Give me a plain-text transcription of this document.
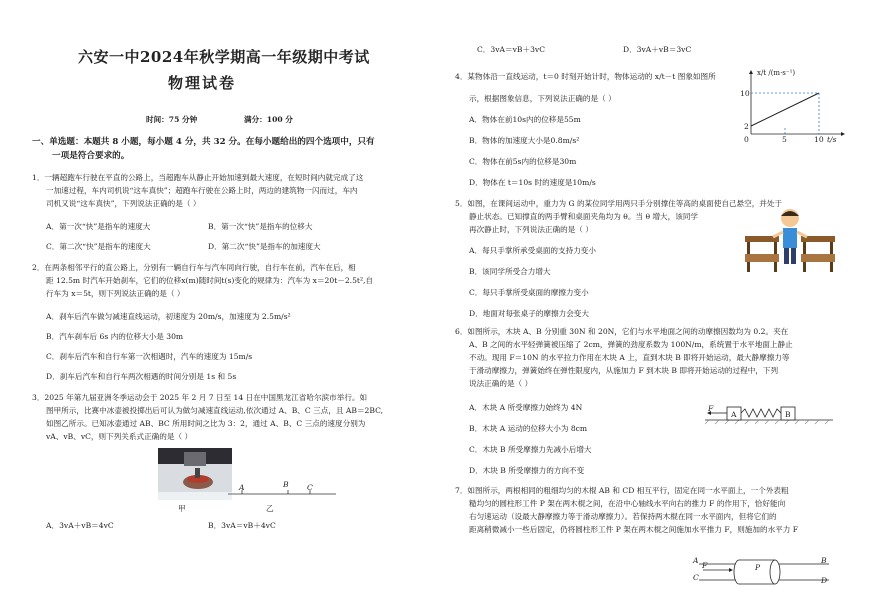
六安一中2024年秋学期高一年级期中考试
物理试卷
时间：75 分钟	满分：100 分
一、单选题：本题共 8 小题，每小题 4 分，共 32 分。在每小题给出的四个选项中，只有
一项是符合要求的。
1．一辆超跑车行驶在平直的公路上，当超跑车从静止开始加速到最大速度，在短时间内就完成了这
一加速过程，车内司机说“这车真快”；超跑车行驶在公路上时，两边的建筑物一闪而过，车内
司机又说“这车真快”，下列说法正确的是（ ）
A．第一次“快”是指车的速度大	B．第一次“快”是指车的位移大
C．第二次“快”是指车的速度大	D．第二次“快”是指车的加速度大
2．在两条相邻平行的直公路上，分别有一辆自行车与汽车同向行驶，自行车在前，汽车在后，相
距 12.5m 时汽车开始刹车，它们的位移x(m)随时间t(s)变化的规律为：汽车为 x＝20t－2.5t²,自
行车为 x＝5t，则下列说法正确的是（ ）
A．刹车后汽车做匀减速直线运动，初速度为 20m/s，加速度为 2.5m/s²
B．汽车刹车后 6s 内的位移大小是 30m
C．刹车后汽车和自行车第一次相遇时，汽车的速度为 15m/s
D．刹车后汽车和自行车两次相遇的时间分别是 1s 和 5s
3．2025 年第九届亚洲冬季运动会于 2025 年 2 月 7 日至 14 日在中国黑龙江省哈尔滨市举行。如
图甲所示，比赛中冰壶被投掷出后可认为做匀减速直线运动,依次通过 A、B、C 三点，且 AB＝2BC,
如图乙所示。已知冰壶通过 AB、BC 所用时间之比为 3：2，通过 A、B、C 三点的速度分别为
vA、vB、vC，则下列关系式正确的是（ ）
甲
A	B C
乙
A．3vA＋vB＝4vC	B．3vA＝vB＋4vC
C．3vA＝vB＋3vC	D．3vA＋vB＝3vC
4．某物体沿一直线运动，t＝0 时刻开始计时，物体运动的 x/t－t 图象如图所
示，根据图象信息，下列说法正确的是（ ）
A．物体在前10s内的位移是55m
B．物体的加速度大小是0.8m/s²
C．物体在前5s内的位移是30m
D．物体在 t＝10s 时的速度是10m/s
x/t /(m·s⁻¹)
10
2
0	5	10 t/s
5．如图，在课间运动中，重力为 G 的某位同学用两只手分别撑住等高的桌面使自己悬空，并处于
静止状态。已知撑直的两手臂和桌面夹角均为 θ。当 θ 增大，该同学
再次静止时，下列说法正确的是（ ）
A．每只手掌所承受桌面的支持力变小
B．该同学所受合力增大
C．每只手掌所受桌面的摩擦力变小
D．地面对每张桌子的摩擦力会变大
6．如图所示，木块 A、B 分别重 30N 和 20N，它们与水平地面之间的动摩擦因数均为 0.2。夹在
A、B 之间的水平轻弹簧被压缩了 2cm，弹簧的劲度系数为 100N/m，系统置于水平地面上静止
不动。现用 F＝10N 的水平拉力作用在木块 A 上，直到木块 B 即将开始运动，最大静摩擦力等
于滑动摩擦力，弹簧始终在弹性限度内，从施加力 F 到木块 B 即将开始运动的过程中，下列
说法正确的是（ ）
A．木块 A 所受摩擦力始终为 4N
B．木块 A 运动的位移大小为 8cm
C．木块 B 所受摩擦力先减小后增大
D．木块 B 所受摩擦力的方向不变
F
A	B
7．如图所示，两根相同的粗细均匀的木棍 AB 和 CD 相互平行，固定在同一水平面上，一个外表粗
糙均匀的圆柱形工件 P 架在两木棍之间，在沿中心轴线水平向右的推力 F 的作用下，恰好能向
右匀速运动（设最大静摩擦力等于滑动摩擦力）。若保持两木棍在同一水平面内，但将它们的
距离稍微减小一些后固定，仍将圆柱形工件 P 架在两木棍之间施加水平推力 F，则施加的水平力 F
A	B
C	D
F	P
